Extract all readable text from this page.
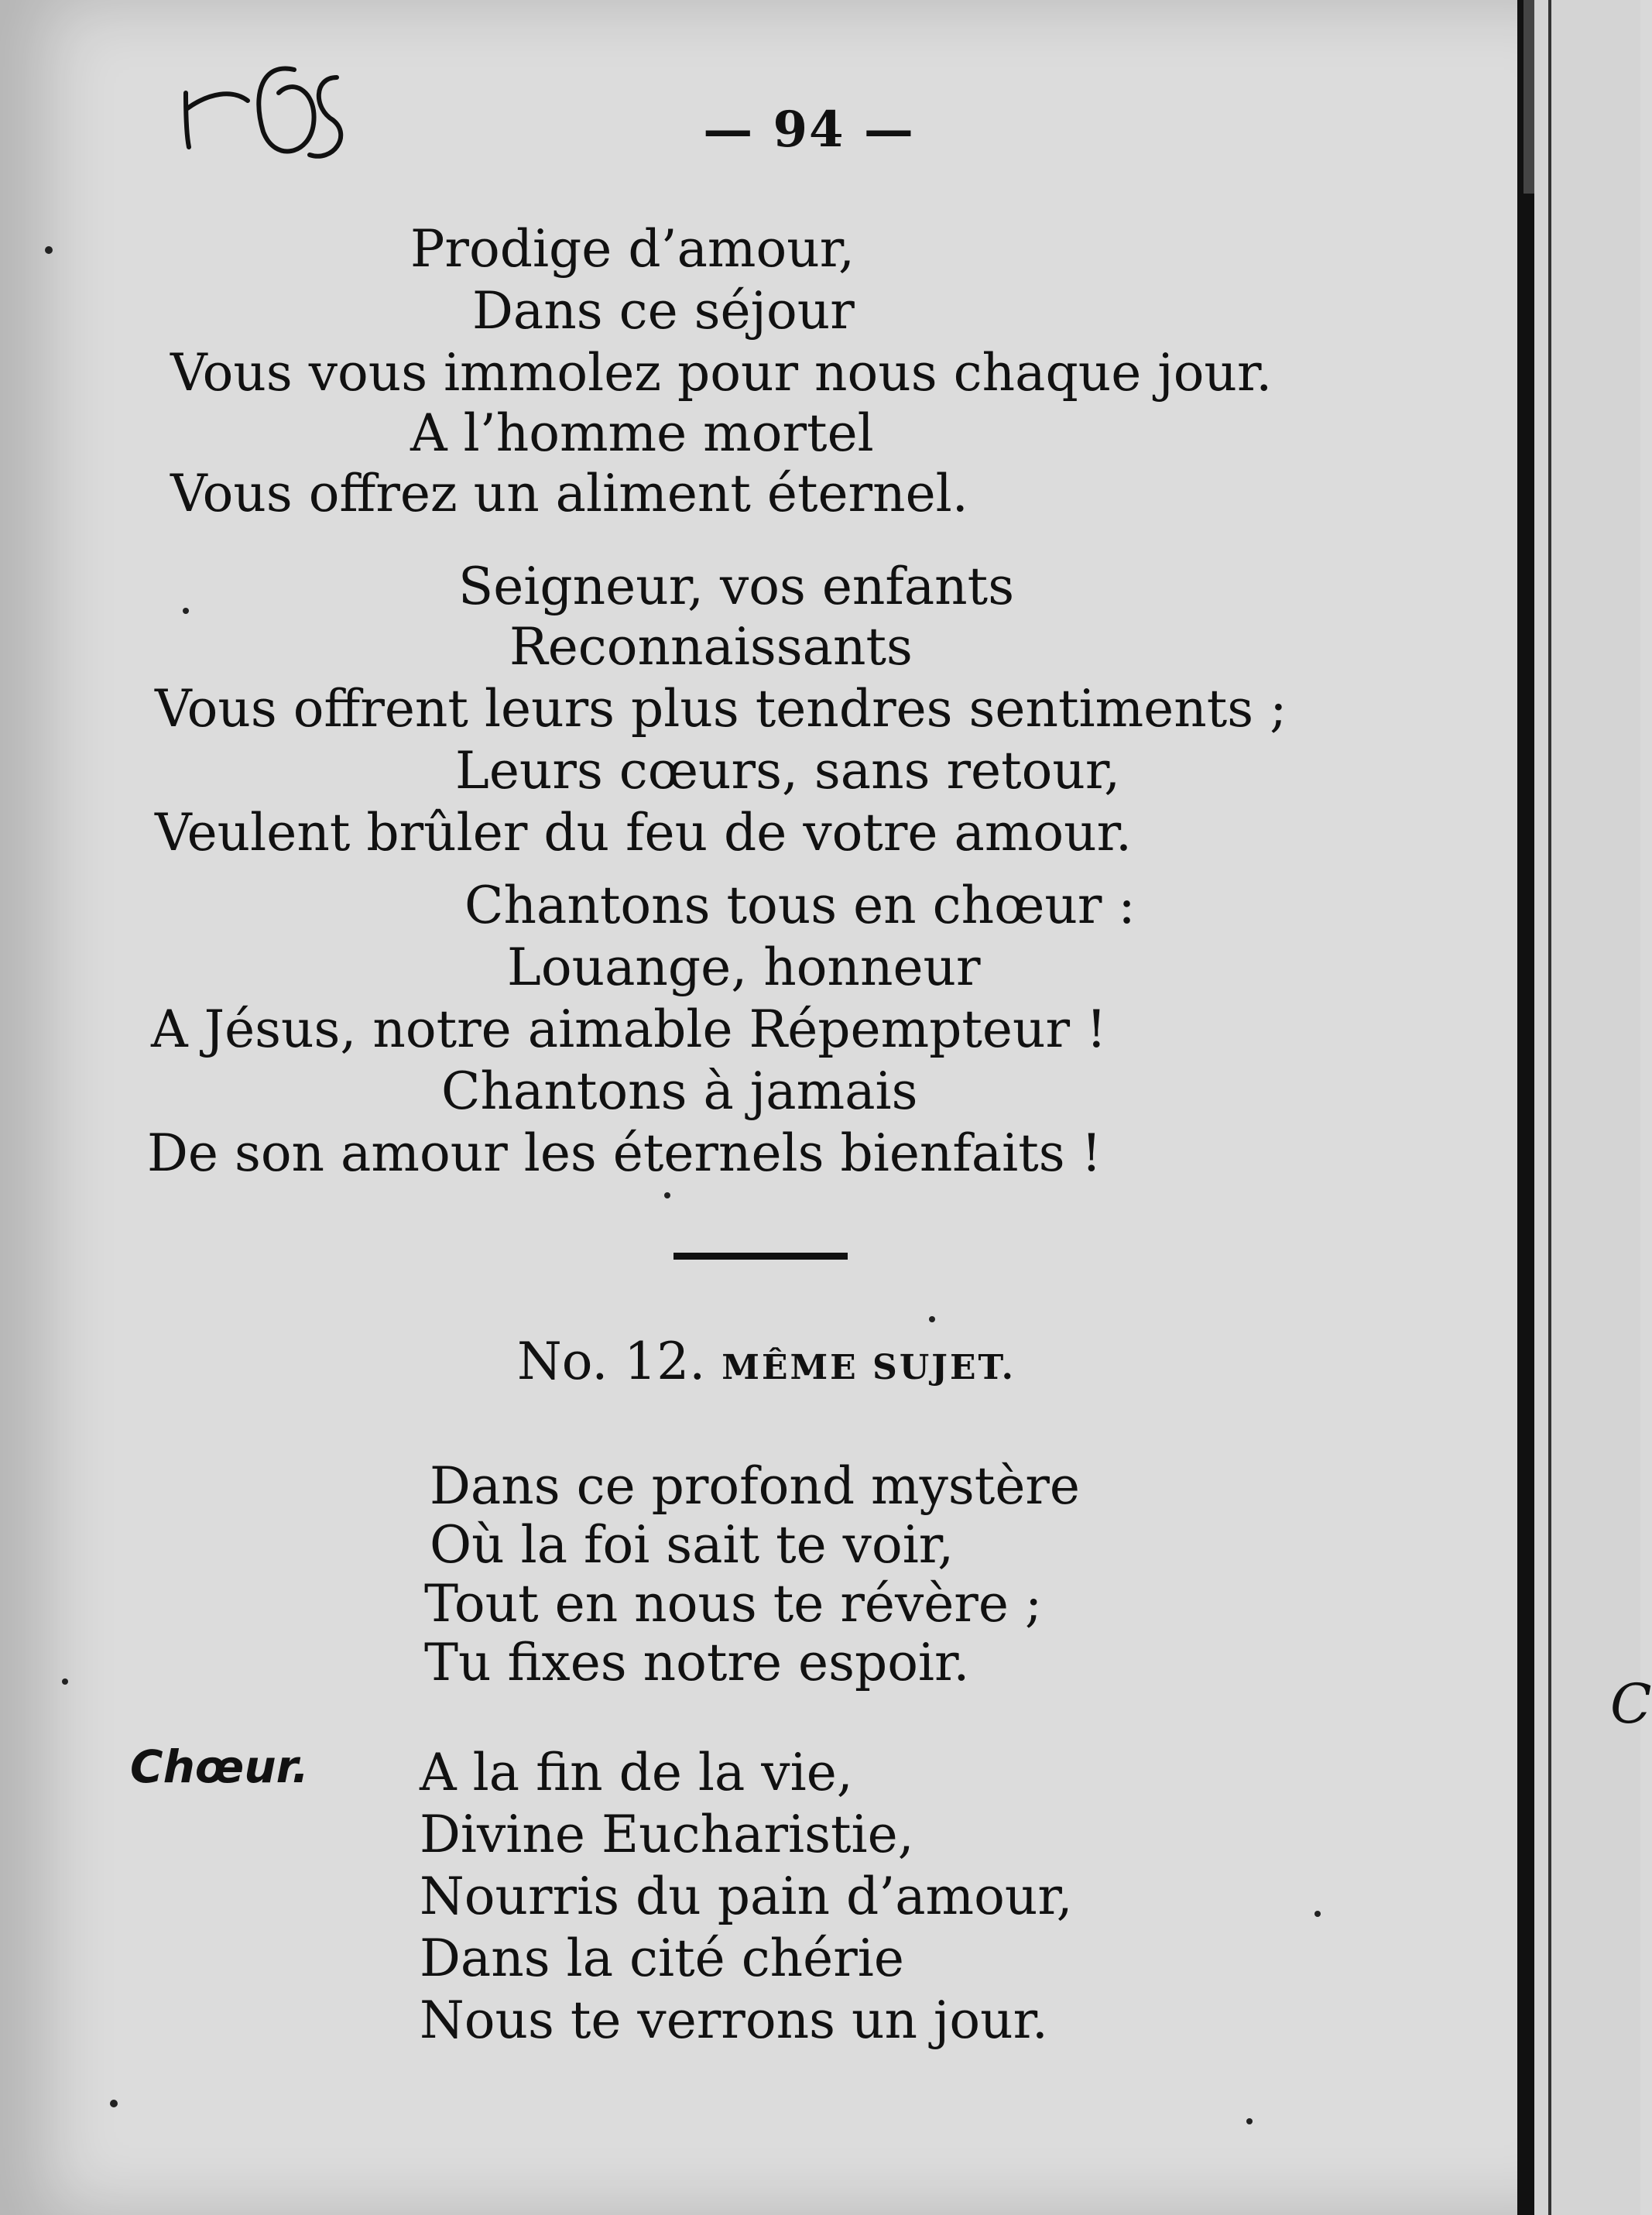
— 94 —
Prodige d’amour,
Dans ce séjour
Vous vous immolez pour nous chaque jour.
A l’homme mortel
Vous offrez un aliment éternel.
Seigneur, vos enfants
Reconnaissants
Vous offrent leurs plus tendres sentiments ;
Leurs cœurs, sans retour,
Veulent brûler du feu de votre amour.
Chantons tous en chœur :
Louange, honneur
A Jésus, notre aimable Répempteur !
Chantons à jamais
De son amour les éternels bienfaits !
No. 12. MÊME SUJET.
Dans ce profond mystère
Où la foi sait te voir,
Tout en nous te révère ;
Tu fixes notre espoir.
Chœur. A la fin de la vie,
Divine Eucharistie,
Nourris du pain d’amour,
Dans la cité chérie
Nous te verrons un jour.
C
